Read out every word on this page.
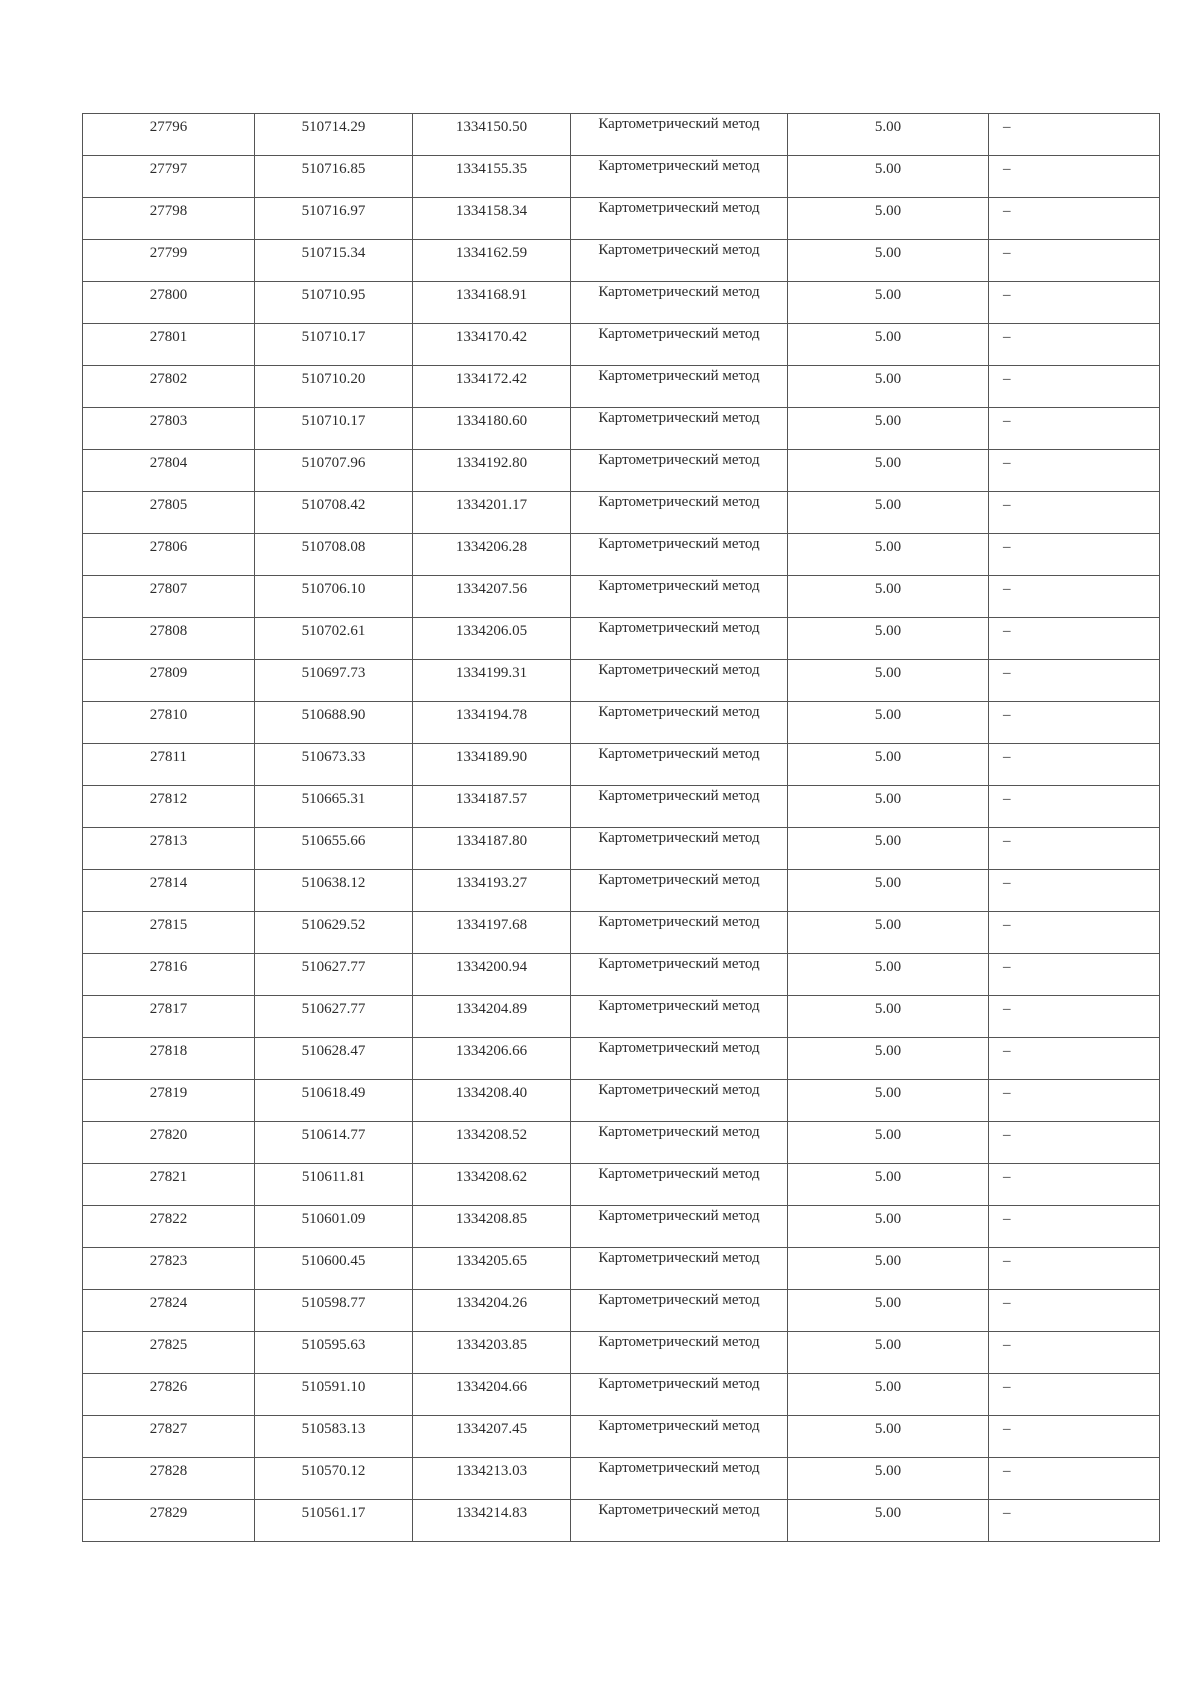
27796	510714.29	1334150.50	Картометрический метод	5.00	–
27797	510716.85	1334155.35	Картометрический метод	5.00	–
27798	510716.97	1334158.34	Картометрический метод	5.00	–
27799	510715.34	1334162.59	Картометрический метод	5.00	–
27800	510710.95	1334168.91	Картометрический метод	5.00	–
27801	510710.17	1334170.42	Картометрический метод	5.00	–
27802	510710.20	1334172.42	Картометрический метод	5.00	–
27803	510710.17	1334180.60	Картометрический метод	5.00	–
27804	510707.96	1334192.80	Картометрический метод	5.00	–
27805	510708.42	1334201.17	Картометрический метод	5.00	–
27806	510708.08	1334206.28	Картометрический метод	5.00	–
27807	510706.10	1334207.56	Картометрический метод	5.00	–
27808	510702.61	1334206.05	Картометрический метод	5.00	–
27809	510697.73	1334199.31	Картометрический метод	5.00	–
27810	510688.90	1334194.78	Картометрический метод	5.00	–
27811	510673.33	1334189.90	Картометрический метод	5.00	–
27812	510665.31	1334187.57	Картометрический метод	5.00	–
27813	510655.66	1334187.80	Картометрический метод	5.00	–
27814	510638.12	1334193.27	Картометрический метод	5.00	–
27815	510629.52	1334197.68	Картометрический метод	5.00	–
27816	510627.77	1334200.94	Картометрический метод	5.00	–
27817	510627.77	1334204.89	Картометрический метод	5.00	–
27818	510628.47	1334206.66	Картометрический метод	5.00	–
27819	510618.49	1334208.40	Картометрический метод	5.00	–
27820	510614.77	1334208.52	Картометрический метод	5.00	–
27821	510611.81	1334208.62	Картометрический метод	5.00	–
27822	510601.09	1334208.85	Картометрический метод	5.00	–
27823	510600.45	1334205.65	Картометрический метод	5.00	–
27824	510598.77	1334204.26	Картометрический метод	5.00	–
27825	510595.63	1334203.85	Картометрический метод	5.00	–
27826	510591.10	1334204.66	Картометрический метод	5.00	–
27827	510583.13	1334207.45	Картометрический метод	5.00	–
27828	510570.12	1334213.03	Картометрический метод	5.00	–
27829	510561.17	1334214.83	Картометрический метод	5.00	–
